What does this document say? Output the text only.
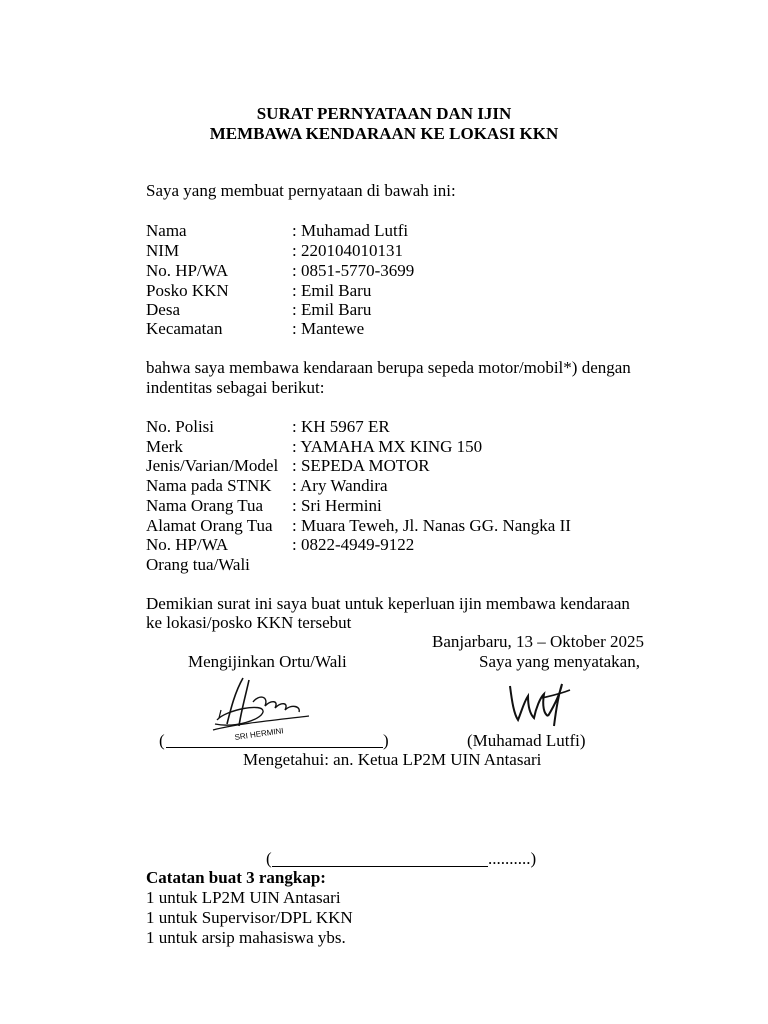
SURAT PERNYATAAN DAN IJIN
MEMBAWA KENDARAAN KE LOKASI KKN
Saya yang membuat pernyataan di bawah ini:
Nama	: Muhamad Lutfi
NIM	: 220104010131
No. HP/WA	: 0851-5770-3699
Posko KKN	: Emil Baru
Desa	: Emil Baru
Kecamatan	: Mantewe
bahwa saya membawa kendaraan berupa sepeda motor/mobil*) dengan
indentitas sebagai berikut:
No. Polisi	: KH 5967 ER
Merk	: YAMAHA MX KING 150
Jenis/Varian/Model : SEPEDA MOTOR
Nama pada STNK : Ary Wandira
Nama Orang Tua : Sri Hermini
Alamat Orang Tua : Muara Teweh, Jl. Nanas GG. Nangka II
No. HP/WA	: 0822-4949-9122
Orang tua/Wali
Demikian surat ini saya buat untuk keperluan ijin membawa kendaraan
ke lokasi/posko KKN tersebut
Banjarbaru, 13 – Oktober 2025
Mengijinkan Ortu/Wali	Saya yang menyatakan,
SRI HERMINI
(	)	(Muhamad Lutfi)
Mengetahui: an. Ketua LP2M UIN Antasari
(	..........)
Catatan buat 3 rangkap:
1 untuk LP2M UIN Antasari
1 untuk Supervisor/DPL KKN
1 untuk arsip mahasiswa ybs.
